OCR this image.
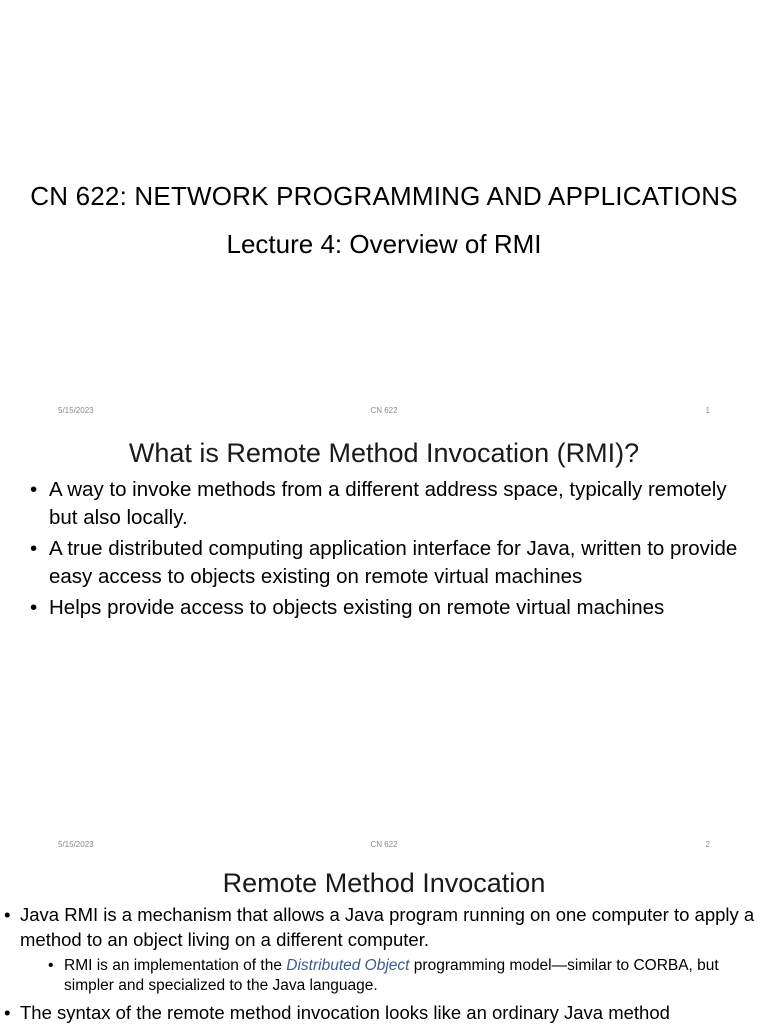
CN 622: NETWORK PROGRAMMING AND APPLICATIONS
Lecture 4: Overview of RMI
5/15/2023	CN 622	1
What is Remote Method Invocation (RMI)?
• A way to invoke methods from a different address space, typically remotely but also locally.
• A true distributed computing application interface for Java, written to provide easy access to objects existing on remote virtual machines
• Helps provide access to objects existing on remote virtual machines
5/15/2023	CN 622	2
Remote Method Invocation
• Java RMI is a mechanism that allows a Java program running on one computer to apply a method to an object living on a different computer.
• RMI is an implementation of the Distributed Object programming model—similar to CORBA, but simpler and specialized to the Java language.
• The syntax of the remote method invocation looks like an ordinary Java method
